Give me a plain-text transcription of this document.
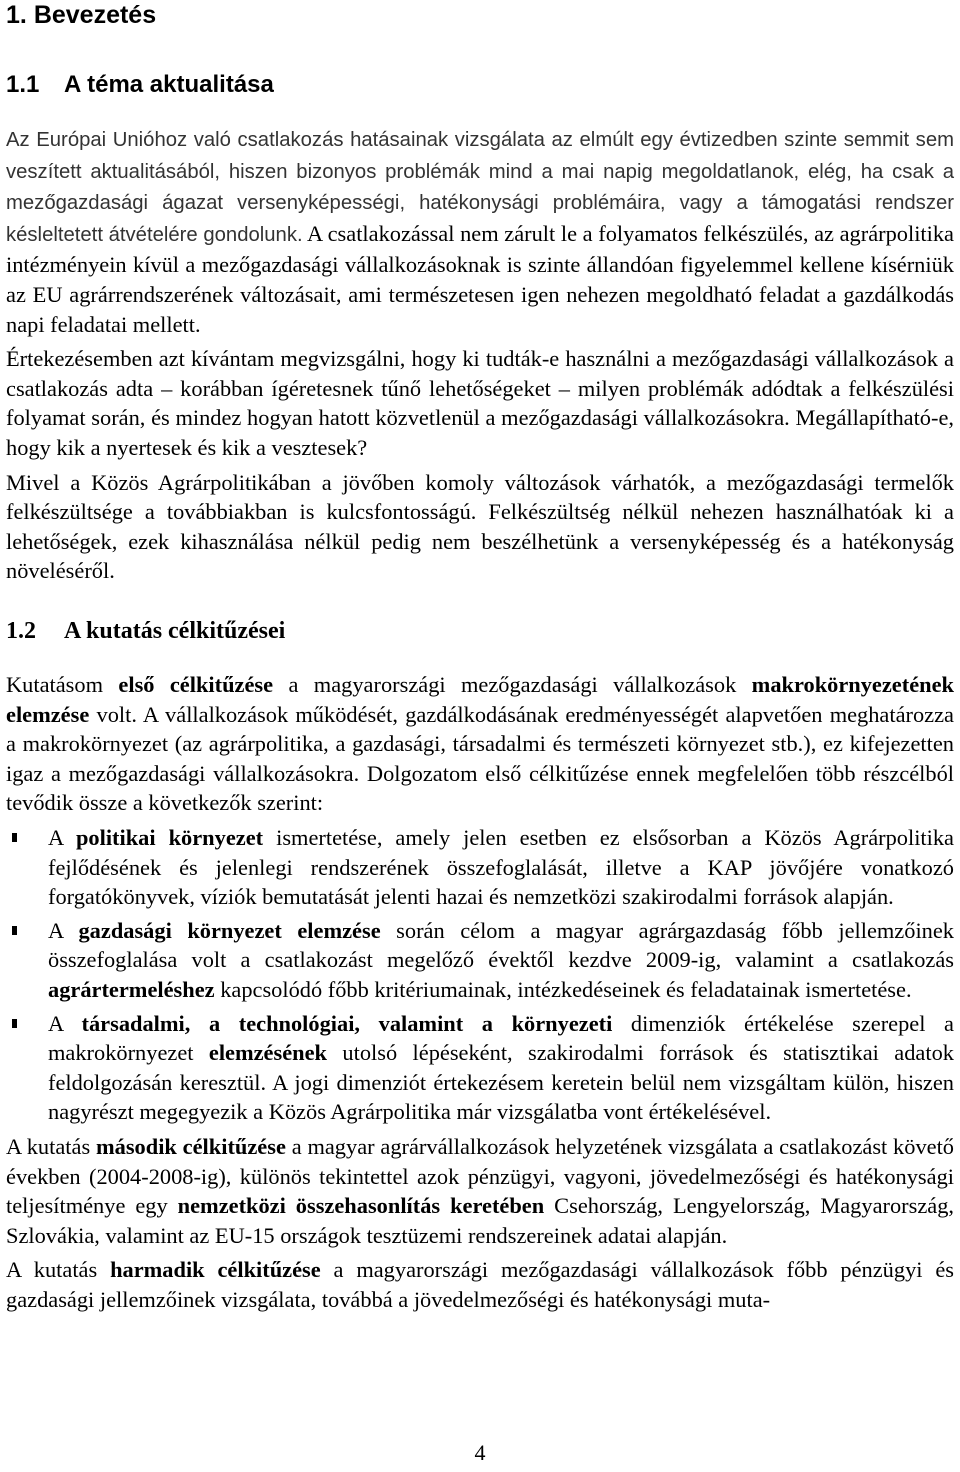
1. Bevezetés
1.1 A téma aktualitása

Az Európai Unióhoz való csatlakozás hatásainak vizsgálata az elmúlt egy évtizedben szinte semmit sem veszített aktualitásából, hiszen bizonyos problémák mind a mai napig megoldatlanok, elég, ha csak a mezőgazdasági ágazat versenyképességi, hatékonysági problémáira, vagy a támogatási rendszer késleltetett átvételére gondolunk. A csatlakozással nem zárult le a folyamatos felkészülés, az agrárpolitika intézményein kívül a mezőgazdasági vállalkozásoknak is szinte állandóan figyelemmel kellene kísérniük az EU agrárrendszerének változásait, ami természetesen igen nehezen megoldható feladat a gazdálkodás napi feladatai mellett.

Értekezésemben azt kívántam megvizsgálni, hogy ki tudták-e használni a mezőgazdasági vállalkozások a csatlakozás adta – korábban ígéretesnek tűnő lehetőségeket – milyen problémák adódtak a felkészülési folyamat során, és mindez hogyan hatott közvetlenül a mezőgazdasági vállalkozásokra. Megállapítható-e, hogy kik a nyertesek és kik a vesztesek?

Mivel a Közös Agrárpolitikában a jövőben komoly változások várhatók, a mezőgazdasági termelők felkészültsége a továbbiakban is kulcsfontosságú. Felkészültség nélkül nehezen használhatóak ki a lehetőségek, ezek kihasználása nélkül pedig nem beszélhetünk a versenyképesség és a hatékonyság növeléséről.

1.2 A kutatás célkitűzései

Kutatásom első célkitűzése a magyarországi mezőgazdasági vállalkozások makrokörnyezetének elemzése volt. A vállalkozások működését, gazdálkodásának eredményességét alapvetően meghatározza a makrokörnyezet (az agrárpolitika, a gazdasági, társadalmi és természeti környezet stb.), ez kifejezetten igaz a mezőgazdasági vállalkozásokra. Dolgozatom első célkitűzése ennek megfelelően több részcélból tevődik össze a következők szerint:

A politikai környezet ismertetése, amely jelen esetben ez elsősorban a Közös Agrárpolitika fejlődésének és jelenlegi rendszerének összefoglalását, illetve a KAP jövőjére vonatkozó forgatókönyvek, víziók bemutatását jelenti hazai és nemzetközi szakirodalmi források alapján.
A gazdasági környezet elemzése során célom a magyar agrárgazdaság főbb jellemzőinek összefoglalása volt a csatlakozást megelőző évektől kezdve 2009-ig, valamint a csatlakozás agrártermeléshez kapcsolódó főbb kritériumainak, intézkedéseinek és feladatainak ismertetése.
A társadalmi, a technológiai, valamint a környezeti dimenziók értékelése szerepel a makrokörnyezet elemzésének utolsó lépéseként, szakirodalmi források és statisztikai adatok feldolgozásán keresztül. A jogi dimenziót értekezésem keretein belül nem vizsgáltam külön, hiszen nagyrészt megegyezik a Közös Agrárpolitika már vizsgálatba vont értékelésével.

A kutatás második célkitűzése a magyar agrárvállalkozások helyzetének vizsgálata a csatlakozást követő években (2004-2008-ig), különös tekintettel azok pénzügyi, vagyoni, jövedelmezőségi és hatékonysági teljesítménye egy nemzetközi összehasonlítás keretében Csehország, Lengyelország, Magyarország, Szlovákia, valamint az EU-15 országok tesztüzemi rendszereinek adatai alapján.

A kutatás harmadik célkitűzése a magyarországi mezőgazdasági vállalkozások főbb pénzügyi és gazdasági jellemzőinek vizsgálata, továbbá a jövedelmezőségi és hatékonysági muta-

4
